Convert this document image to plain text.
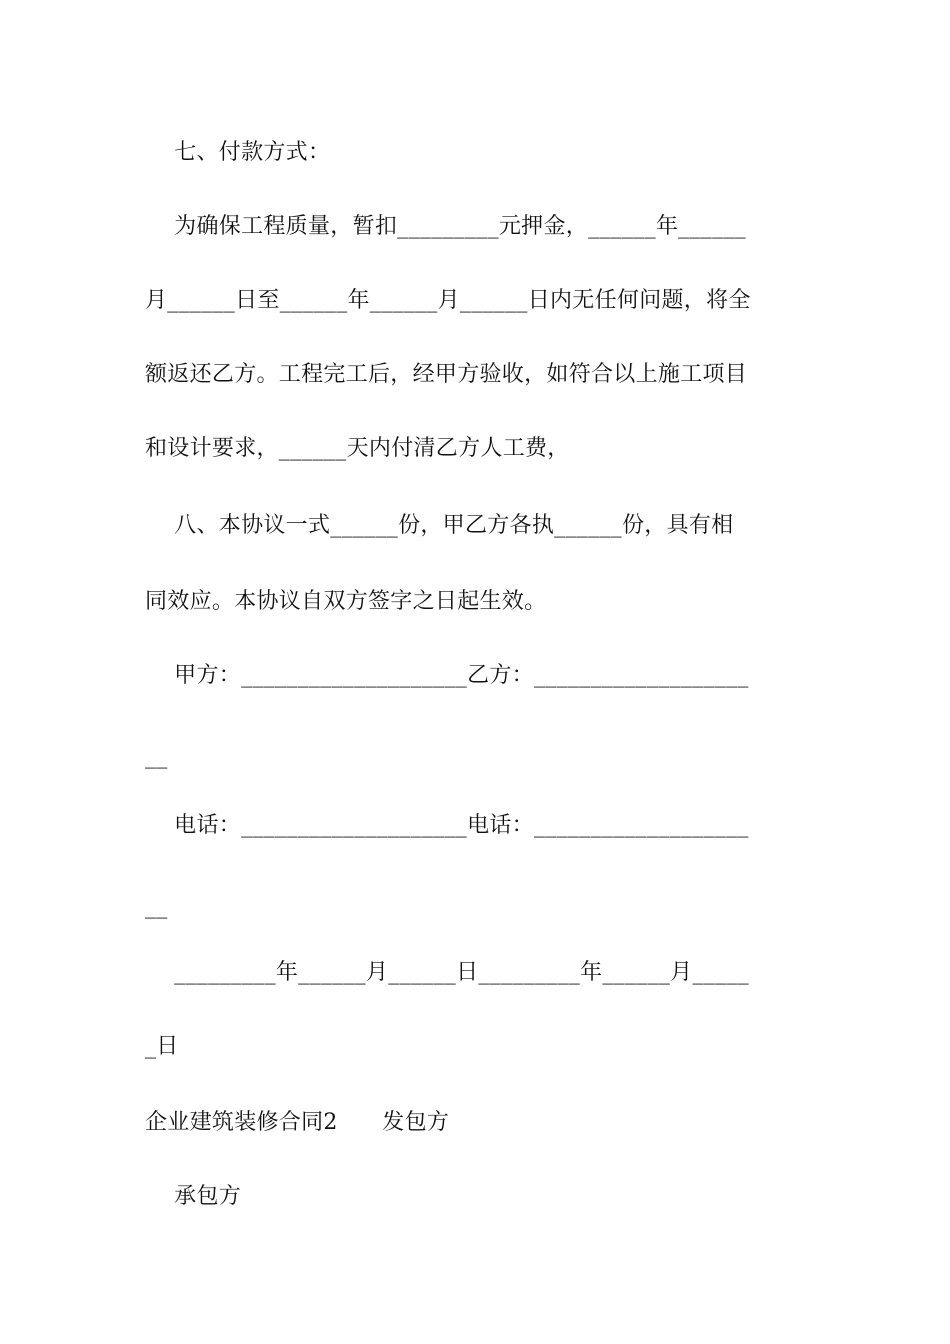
七、付款方式：
为确保工程质量，暂扣_________元押金，______年______
月______日至______年______月______日内无任何问题，将全
额返还乙方。工程完工后，经甲方验收，如符合以上施工项目
和设计要求，______天内付清乙方人工费，
八、本协议一式______份，甲乙方各执______份，具有相
同效应。本协议自双方签字之日起生效。
甲方：____________________乙方：___________________
__
电话：____________________电话：___________________
__
_________年______月______日_________年______月_____
_日
企业建筑装修合同2　　发包方
承包方
